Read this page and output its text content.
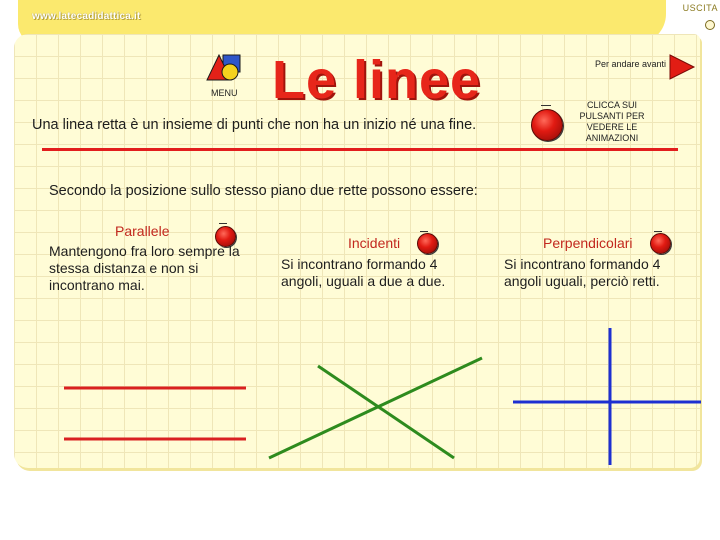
www.latecadidattica.it
USCITA
MENU Le linee	Per andare avanti
Una linea retta è un insieme di punti che non ha un inizio né una fine.
CLICCA SUI PULSANTI PER VEDERE LE ANIMAZIONI
Secondo la posizione sullo stesso piano due rette possono essere:
Parallele
Mantengono fra loro sempre la stessa distanza e non si incontrano mai.
Incidenti
Si incontrano formando 4 angoli, uguali a due a due.
Perpendicolari
Si incontrano formando 4 angoli uguali, perciò retti.
